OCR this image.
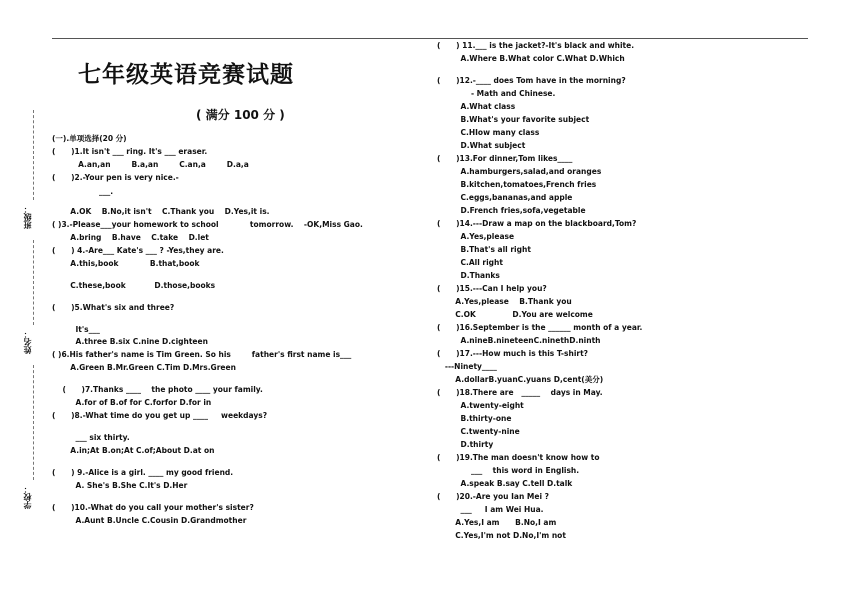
班级：
姓名：
学校：
七年级英语竞赛试题
( 满分 100 分 )
(一).单项选择(20 分)
(      )1.It isn't ___ ring. It's ___ eraser.
A.an,an        B.a,an        C.an,a        D.a,a
(      )2.-Your pen is very nice.-
___.
A.OK    B.No,it isn't    C.Thank you    D.Yes,it is.
( )3.-Please___your homework to school            tomorrow.    -OK,Miss Gao.
A.bring    B.have    C.take    D.let
(      ) 4.-Are___ Kate's ___ ? -Yes,they are.
A.this,book            B.that,book
C.these,book           D.those,books
(      )5.What's six and three?
It's___
A.three B.six C.nine D.cighteen
( )6.His father's name is Tim Green. So his        father's first name is___
A.Green B.Mr.Green C.Tim D.Mrs.Green
(      )7.Thanks ____    the photo ____ your family.
A.for of B.of for C.forfor D.for in
(      )8.-What time do you get up ____     weekdays?
___ six thirty.
A.in;At B.on;At C.of;About D.at on
(      ) 9.-Alice is a girl. ____ my good friend.
A. She's B.She C.It's D.Her
(      )10.-What do you call your mother's sister?
A.Aunt B.Uncle C.Cousin D.Grandmother
(      ) 11.___ is the jacket?-It's black and white.
A.Where B.What color C.What D.Which
(      )12.-____ does Tom have in the morning?
- Math and Chinese.
A.What class
B.What's your favorite subject
C.HIow many class
D.What subject
(      )13.For dinner,Tom likes____
A.hamburgers,salad,and oranges
B.kitchen,tomatoes,French fries
C.eggs,bananas,and apple
D.French fries,sofa,vegetable
(      )14.---Draw a map on the blackboard,Tom?
A.Yes,please
B.That's all right
C.All right
D.Thanks
(      )15.---Can I help you?
A.Yes,please    B.Thank you
C.OK              D.You are welcome
(      )16.September is the ______ month of a year.
A.nineB.nineteenC.ninethD.ninth
(      )17.---How much is this T-shirt?
---Ninety____
A.dollarB.yuanC.yuans D,cent(美分)
(      )18.There are   _____    days in May.
A.twenty-eight
B.thirty-one
C.twenty-nine
D.thirty
(      )19.The man doesn't know how to
___    this word in English.
A.speak B.say C.tell D.talk
(      )20.-Are you Ian Mei ?
___     I am Wei Hua.
A.Yes,I am      B.No,I am
C.Yes,I'm not D.No,I'm not
